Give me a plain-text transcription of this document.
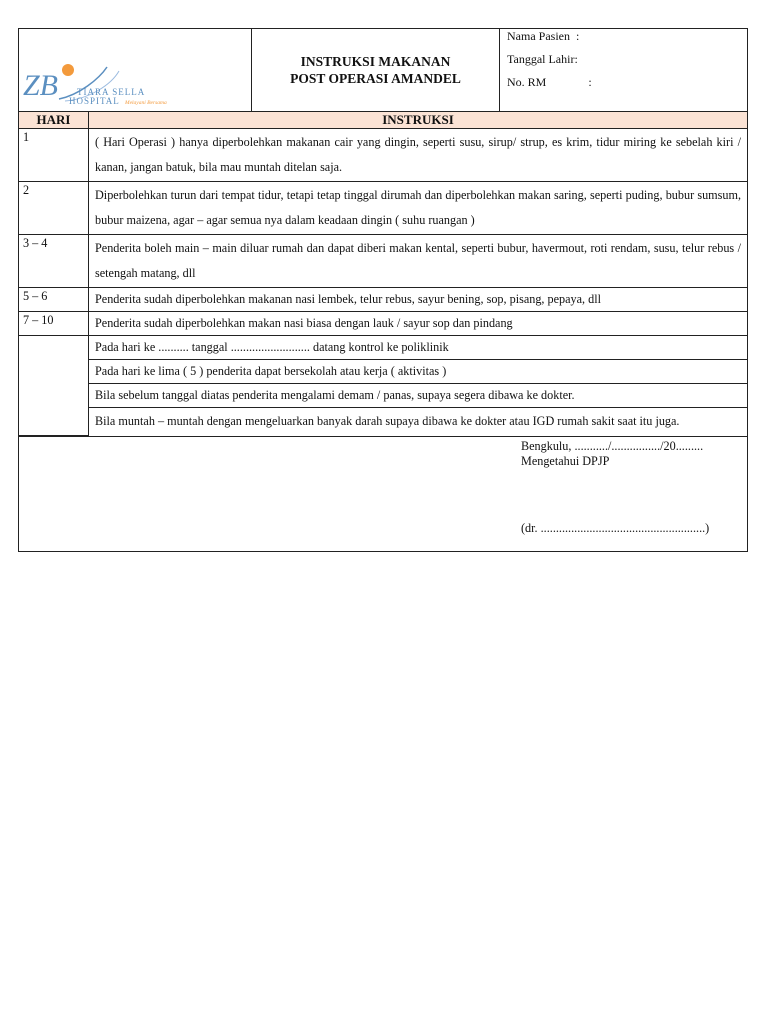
ZB TIARA SELLA
HOSPITAL Melayani Bersama
INSTRUKSI MAKANAN
POST OPERASI AMANDEL
Nama Pasien :
Tanggal Lahir :
No. RM	:
HARI	INSTRUKSI
1	( Hari Operasi ) hanya diperbolehkan makanan cair yang dingin, seperti susu, sirup/ strup, es krim, tidur miring ke sebelah kiri / kanan, jangan batuk, bila mau muntah ditelan saja.
2	Diperbolehkan turun dari tempat tidur, tetapi tetap tinggal dirumah dan diperbolehkan makan saring, seperti puding, bubur sumsum, bubur maizena, agar – agar semua nya dalam keadaan dingin ( suhu ruangan )
3 – 4	Penderita boleh main – main diluar rumah dan dapat diberi makan kental, seperti bubur, havermout, roti rendam, susu, telur rebus / setengah matang, dll
5 – 6	Penderita sudah diperbolehkan makanan nasi lembek, telur rebus, sayur bening, sop, pisang, pepaya, dll
7 – 10	Penderita sudah diperbolehkan makan nasi biasa dengan lauk / sayur sop dan pindang
	Pada hari ke .......... tanggal .......................... datang kontrol ke poliklinik
	Pada hari ke lima ( 5 ) penderita dapat bersekolah atau kerja ( aktivitas )
	Bila sebelum tanggal diatas penderita mengalami demam / panas, supaya segera dibawa ke dokter.
	Bila muntah – muntah dengan mengeluarkan banyak darah supaya dibawa ke dokter atau IGD rumah sakit saat itu juga.
Bengkulu, .........../................/20.........
Mengetahui DPJP
(dr. ......................................................)
